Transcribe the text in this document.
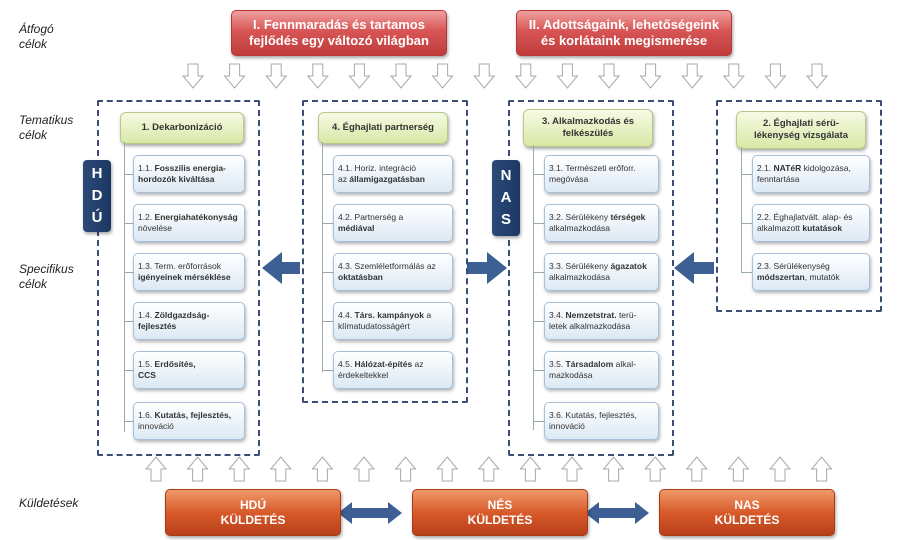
Átfogó
célok
Tematikus
célok
Specifikus
célok
Küldetések
I. Fennmaradás és tartamos
fejlődés egy változó világban
II. Adottságaink, lehetőségeink
és korlátaink megismerése
H
D
Ú
N
A
S
1. Dekarbonizáció	4. Éghajlati partnerség
3. Alkalmazkodás és
felkészülés
2. Éghajlati sérü-
lékenység vizsgálata
1.1. Fosszilis energia-
hordozók kiváltása
1.2. Energiahatékonyság növelése
1.3. Term. erőforrások
igényeinek mérséklése
1.4. Zöldgazdság-
fejlesztés
1.5. Erdősítés,
CCS
1.6. Kutatás, fejlesztés,
innováció
4.1. Horiz. integráció
az államigazgatásban
4.2. Partnerség a
médiával
4.3. Szemléletformálás az
oktatásban
4.4. Társ. kampányok a
klímatudatosságért
4.5. Hálózat-építés az
érdekeltekkel
3.1. Természeti erőforr.
megóvása
3.2. Sérülékeny térségek
alkalmazkodása
3.3. Sérülékeny ágazatok
alkalmazkodása
3.4. Nemzetstrat. terü-
letek alkalmazkodása
3.5. Társadalom alkal-
mazkodása
3.6. Kutatás, fejlesztés,
innováció
2.1. NATéR kidolgozása,
fenntartása
2.2. Éghajlatvált. alap- és
alkalmazott kutatások
2.3. Sérülékenység
módszertan, mutatók
HDÚ
KÜLDETÉS
NÉS
KÜLDETÉS
NAS
KÜLDETÉS
